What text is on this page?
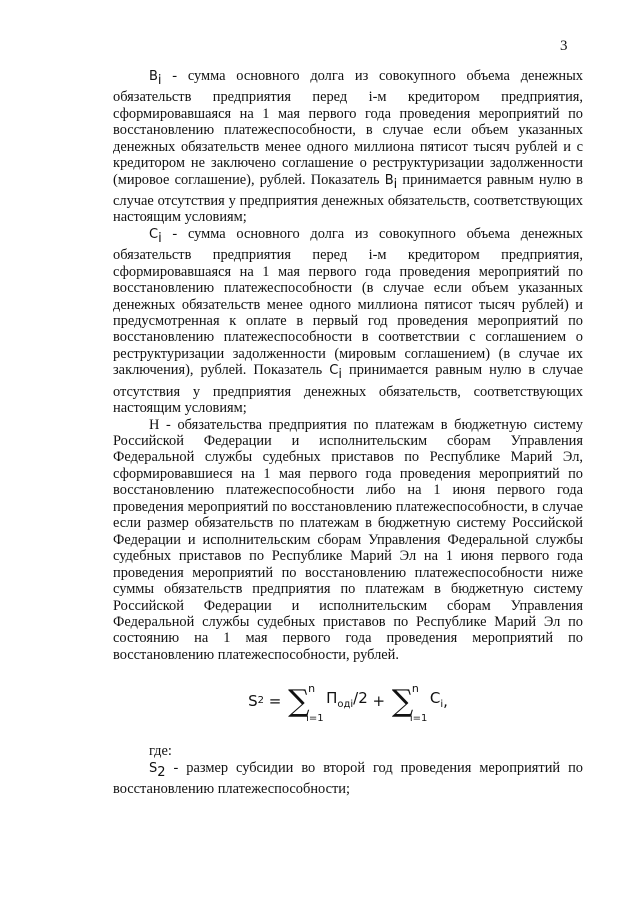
3

$B_i$ - сумма основного долга из совокупного объема денежных обязательств предприятия перед i-м кредитором предприятия, сформировавшаяся на 1 мая первого года проведения мероприятий по восстановлению платежеспособности, в случае если объем указанных денежных обязательств менее одного миллиона пятисот тысяч рублей и с кредитором не заключено соглашение о реструктуризации задолженности (мировое соглашение), рублей. Показатель $B_i$ принимается равным нулю в случае отсутствия у предприятия денежных обязательств, соответствующих настоящим условиям;

$C_i$ - сумма основного долга из совокупного объема денежных обязательств предприятия перед i-м кредитором предприятия, сформировавшаяся на 1 мая первого года проведения мероприятий по восстановлению платежеспособности (в случае если объем указанных денежных обязательств менее одного миллиона пятисот тысяч рублей) и предусмотренная к оплате в первый год проведения мероприятий по восстановлению платежеспособности в соответствии с соглашением о реструктуризации задолженности (мировым соглашением) (в случае их заключения), рублей. Показатель $C_i$ принимается равным нулю в случае отсутствия у предприятия денежных обязательств, соответствующих настоящим условиям;

Н - обязательства предприятия по платежам в бюджетную систему Российской Федерации и исполнительским сборам Управления Федеральной службы судебных приставов по Республике Марий Эл, сформировавшиеся на 1 мая первого года проведения мероприятий по восстановлению платежеспособности либо на 1 июня первого года проведения мероприятий по восстановлению платежеспособности, в случае если размер обязательств по платежам в бюджетную систему Российской Федерации и исполнительским сборам Управления Федеральной службы судебных приставов по Республике Марий Эл на 1 июня первого года проведения мероприятий по восстановлению платежеспособности ниже суммы обязательств предприятия по платежам в бюджетную систему Российской Федерации и исполнительским сборам Управления Федеральной службы судебных приставов по Республике Марий Эл по состоянию на 1 мая первого года проведения мероприятий по восстановлению платежеспособности, рублей.

S 2 = ∑
n
i=1
$П_{одi}/2$ + ∑
n
i=1
$C_i$ ,

где:

$S_2$ - размер субсидии во второй год проведения мероприятий по восстановлению платежеспособности;
